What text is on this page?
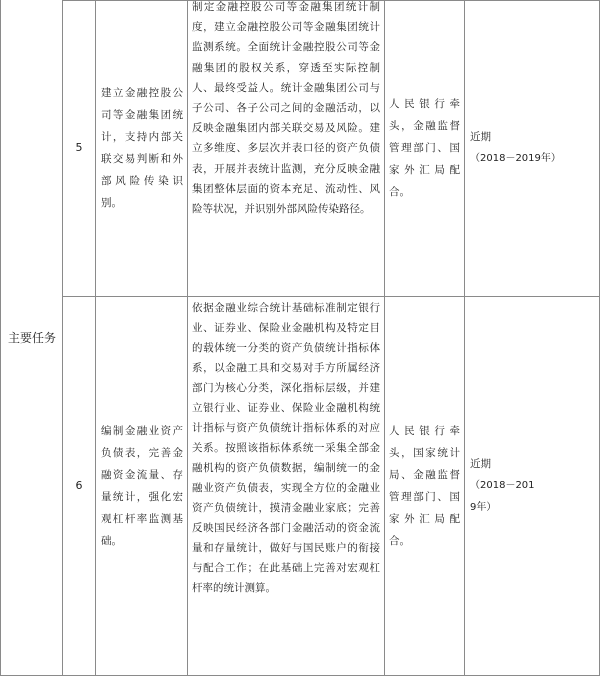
主要任务
5
建立金融控股公司等金融集团统计，支持内部关联交易判断和外部风险传染识别。
制定金融控股公司等金融集团统计制度，建立金融控股公司等金融集团统计监测系统。全面统计金融控股公司等金融集团的股权关系，穿透至实际控制人、最终受益人。统计金融集团公司与子公司、各子公司之间的金融活动，以反映金融集团内部关联交易及风险。建立多维度、多层次并表口径的资产负债表，开展并表统计监测，充分反映金融集团整体层面的资本充足、流动性、风险等状况，并识别外部风险传染路径。
人民银行牵头，金融监督管理部门、国家外汇局配合。
近期
（2018－2019年）
6
编制金融业资产负债表，完善金融资金流量、存量统计，强化宏观杠杆率监测基础。
依据金融业综合统计基础标准制定银行业、证券业、保险业金融机构及特定目的载体统一分类的资产负债统计指标体系，以金融工具和交易对手方所属经济部门为核心分类，深化指标层级，并建立银行业、证券业、保险业金融机构统计指标与资产负债统计指标体系的对应关系。按照该指标体系统一采集全部金融机构的资产负债数据，编制统一的金融业资产负债表，实现全方位的金融业资产负债统计，摸清金融业家底；完善反映国民经济各部门金融活动的资金流量和存量统计，做好与国民账户的衔接与配合工作；在此基础上完善对宏观杠杆率的统计测算。
人民银行牵头，国家统计局、金融监督管理部门、国家外汇局配合。
近期
（2018－2019年）
